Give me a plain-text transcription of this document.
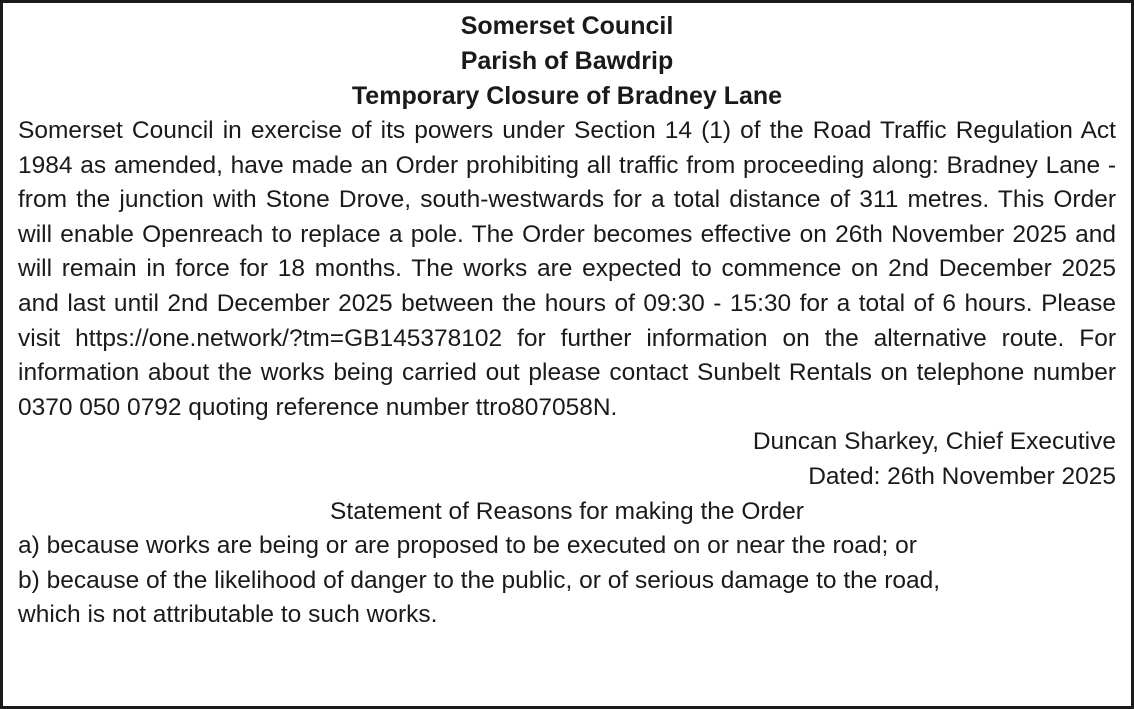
Somerset Council
Parish of Bawdrip
Temporary Closure of Bradney Lane
Somerset Council in exercise of its powers under Section 14 (1) of the Road Traffic Regulation Act 1984 as amended, have made an Order prohibiting all traffic from proceeding along: Bradney Lane - from the junction with Stone Drove, south-westwards for a total distance of 311 metres. This Order will enable Openreach to replace a pole. The Order becomes effective on 26th November 2025 and will remain in force for 18 months. The works are expected to commence on 2nd December 2025 and last until 2nd December 2025 between the hours of 09:30 - 15:30 for a total of 6 hours. Please visit https://one.network/?tm=GB145378102 for further information on the alternative route. For information about the works being carried out please contact Sunbelt Rentals on telephone number 0370 050 0792 quoting reference number ttro807058N.
Duncan Sharkey, Chief Executive
Dated: 26th November 2025
Statement of Reasons for making the Order
a) because works are being or are proposed to be executed on or near the road; or
b) because of the likelihood of danger to the public, or of serious damage to the road,
which is not attributable to such works.
